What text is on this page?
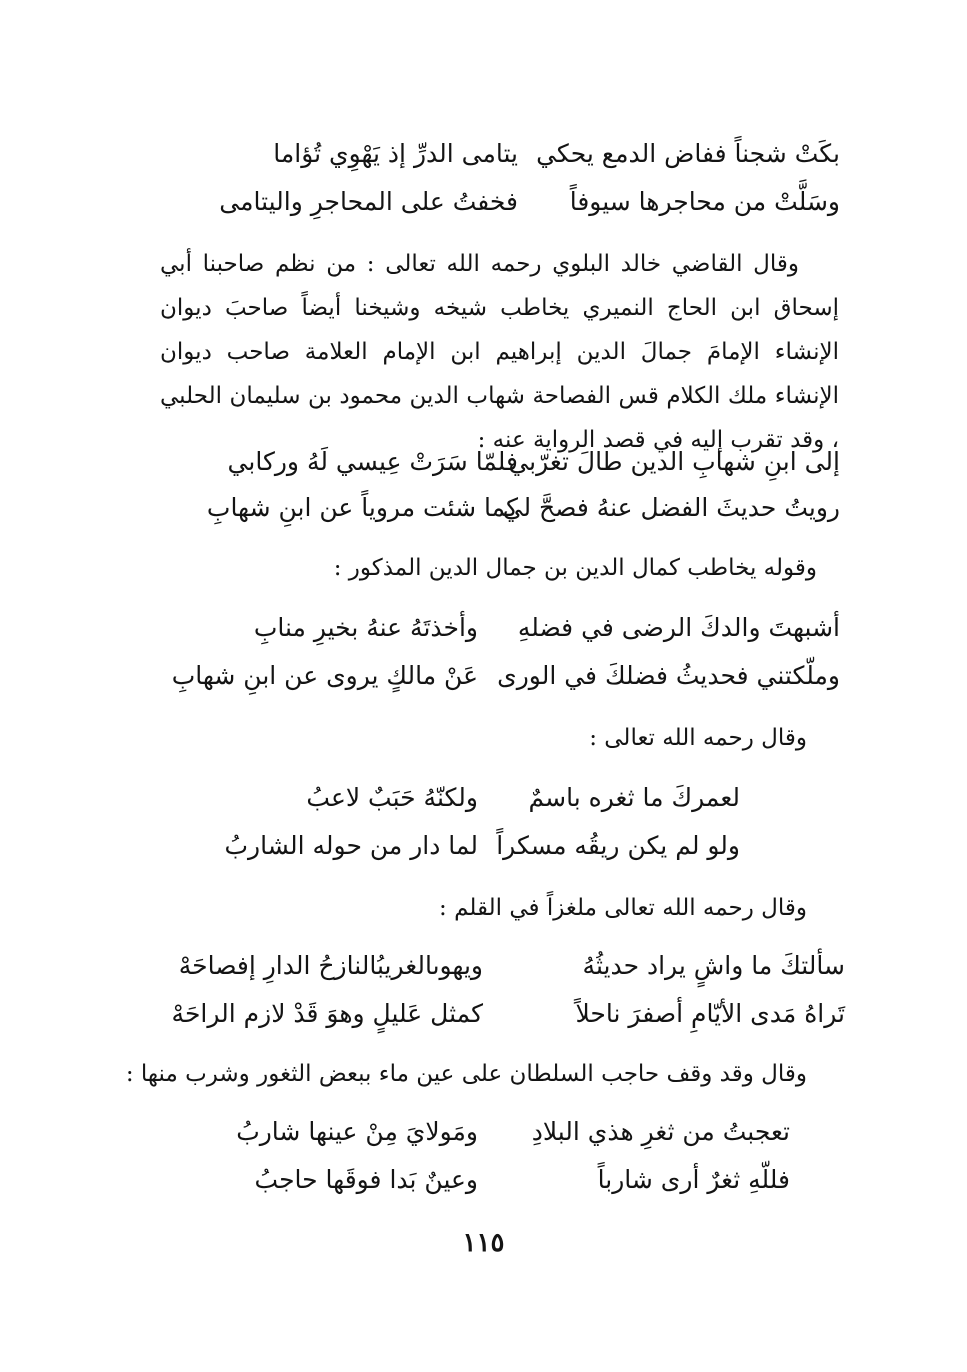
بكَتْ شجناً ففاض الدمع يحكي
يتامى الدرِّ إذ يَهْوِي تُؤاما
وسَلَّتْ من محاجرها سيوفاً
فخفتُ على المحاجرِ واليتامى
وقال القاضي خالد البلوي رحمه الله تعالى : من نظم صاحبنا أبي إسحاق ابن الحاج النميري يخاطب شيخه وشيخنا أيضاً صاحبَ ديوان الإنشاء الإمامَ جمالَ الدين إبراهيم ابن الإمام العلامة صاحب ديوان الإنشاء ملك الكلام قس الفصاحة شهاب الدين محمود بن سليمان الحلبي ، وقد تقرب إليه في قصد الرواية عنه :
إلى ابنِ شهابِ الدين طالَ تغرّبي
فلمّا سَرَتْ عِيسي لَهُ وركابي
رويتُ حديثَ الفضل عنهُ فصحَّ لي
كما شئت مروياً عن ابنِ شهابِ
وقوله يخاطب كمال الدين بن جمال الدين المذكور :
أشبهتَ والدكَ الرضى في فضلهِ
وأخذتَهُ عنهُ بخيرِ منابِ
وملّكتني فحديثُ فضلكَ في الورى
عَنْ مالكٍ يروى عن ابنِ شهابِ
وقال رحمه الله تعالى :
لعمركَ ما ثغره باسمٌ
ولكنّهُ حَبَبٌ لاعبُ
ولو لم يكن ريقُه مسكراً
لما دار من حوله الشاربُ
وقال رحمه الله تعالى ملغزاً في القلم :
سألتكَ ما واشٍ يراد حديثُهُ
ويهوىالغريبُالنازحُ الدارِ إفصاحَهْ
تَراهُ مَدى الأيّامِ أصفرَ ناحلاً
كمثل عَليلٍ وهوَ قَدْ لازم الراحَهْ
وقال وقد وقف حاجب السلطان على عين ماء ببعض الثغور وشرب منها :
تعجبتُ من ثغرِ هذي البلادِ
ومَولايَ مِنْ عينها شاربُ
فللّهِ ثغرٌ أرى شارباً
وعينٌ بَدا فوقَها حاجبُ
١١٥
